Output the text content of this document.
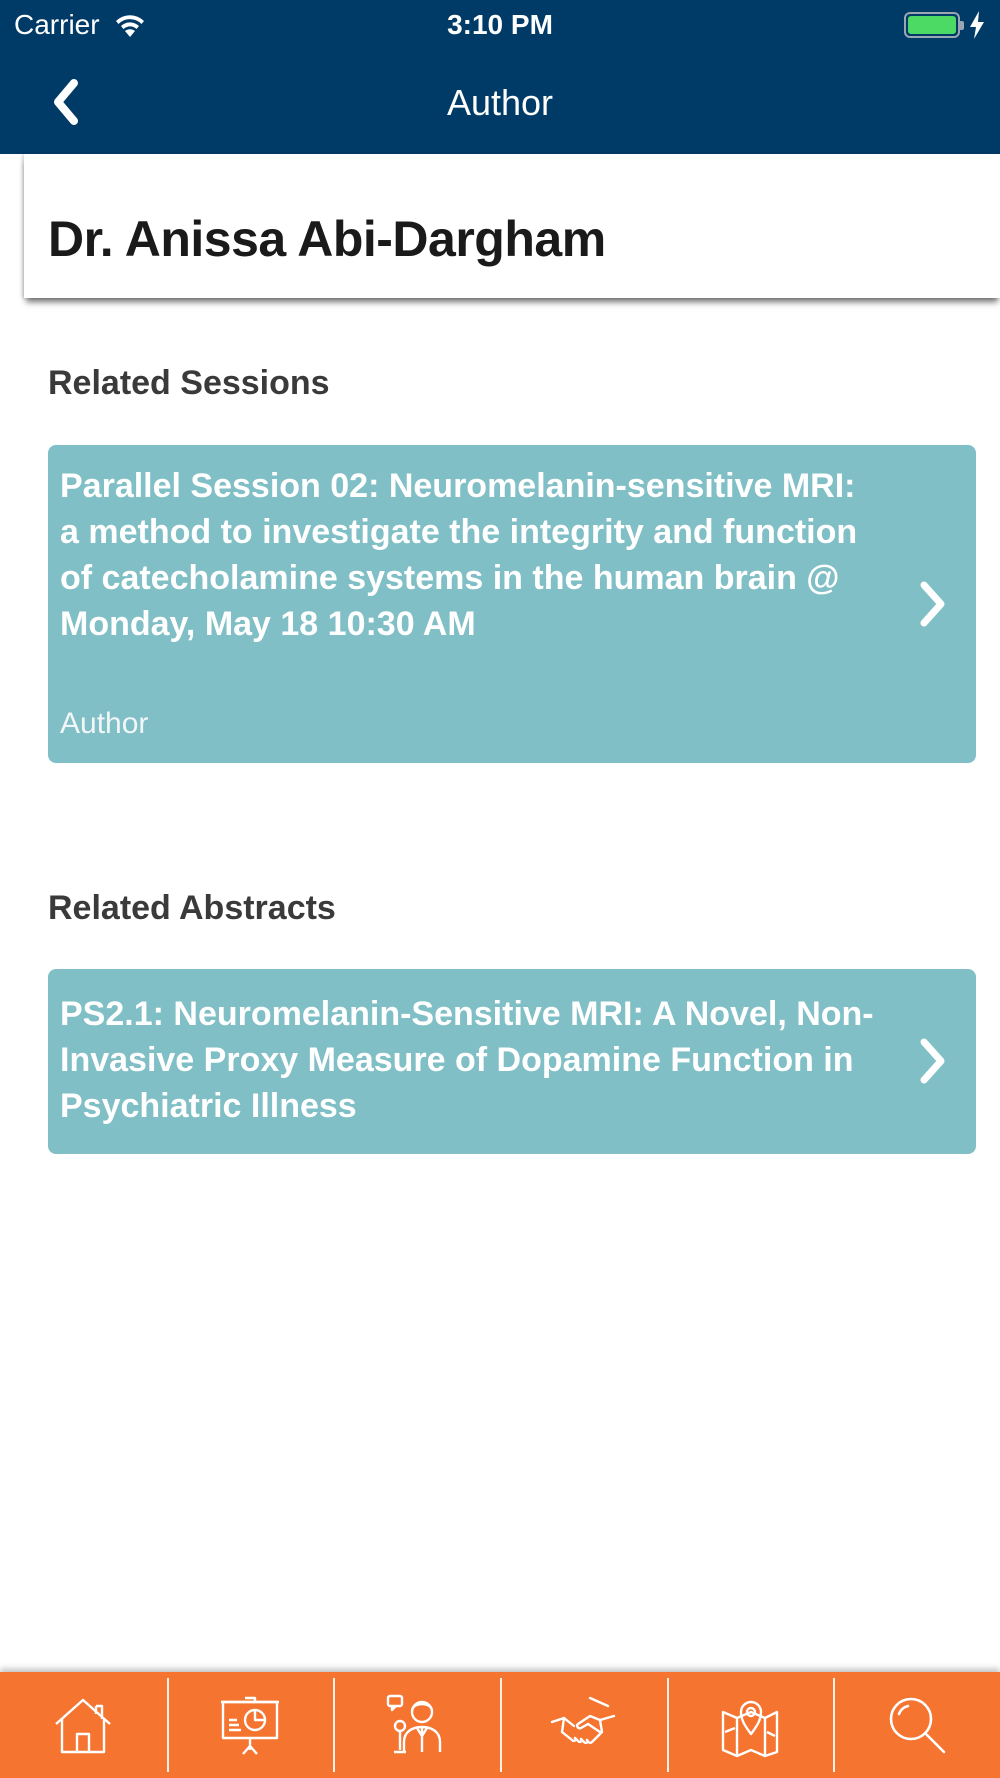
Carrier	3:10 PM
Author
Dr. Anissa Abi-Dargham
Related Sessions
Parallel Session 02: Neuromelanin-sensitive MRI: a method to investigate the integrity and function of catecholamine systems in the human brain @ Monday, May 18 10:30 AM
Author
Related Abstracts
PS2.1: Neuromelanin-Sensitive MRI: A Novel, Non-Invasive Proxy Measure of Dopamine Function in Psychiatric Illness
